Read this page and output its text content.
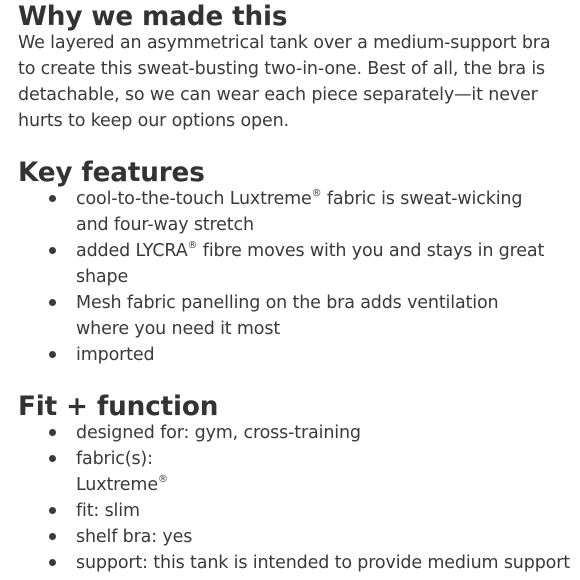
Why we made this

We layered an asymmetrical tank over a medium-support bra to create this sweat-busting two-in-one. Best of all, the bra is detachable, so we can wear each piece separately—it never hurts to keep our options open.

Key features
cool-to-the-touch Luxtreme® fabric is sweat-wicking and four-way stretch
added LYCRA® fibre moves with you and stays in great shape
Mesh fabric panelling on the bra adds ventilation where you need it most
imported
Fit + function
designed for: gym, cross-training
fabric(s):
Luxtreme®
fit: slim
shelf bra: yes
support: this tank is intended to provide medium support
